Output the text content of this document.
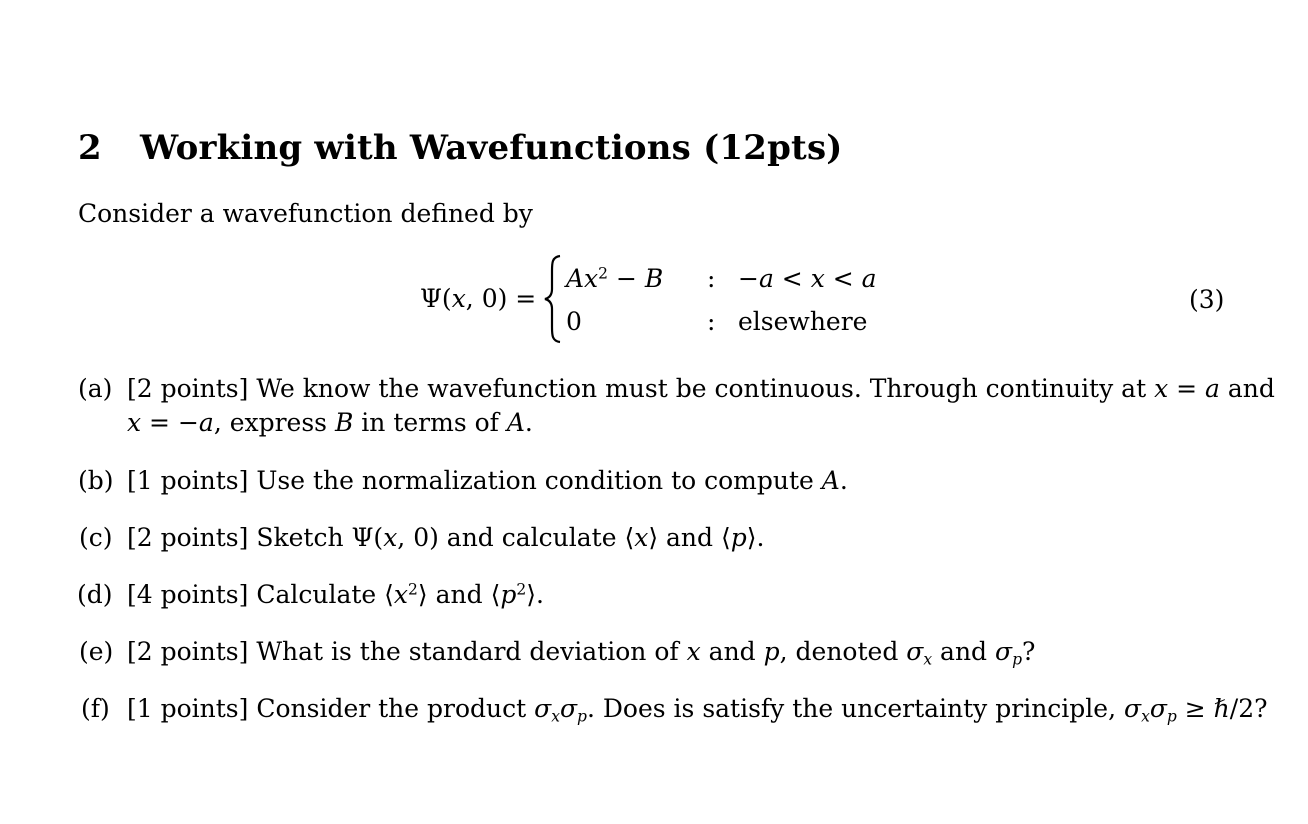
2 Working with Wavefunctions (12pts)
Consider a wavefunction defined by
Ψ(x, 0) =
$Ax^2 - B$ : −a < x < a
0	: elsewhere
(3)
(a) [2 points] We know the wavefunction must be continuous. Through continuity at x = a and
x = −a, express B in terms of A.
(b) [1 points] Use the normalization condition to compute A.
(c) [2 points] Sketch Ψ(x, 0) and calculate ⟨x⟩ and ⟨p⟩.
(d) [4 points] Calculate $⟨x^2⟩$ and $⟨p^2⟩$.
(e) [2 points] What is the standard deviation of x and p, denoted $\sigma_x$ and $\sigma_p$?
(f) [1 points] Consider the product $\sigma_x\sigma_p$. Does is satisfy the uncertainty principle, $\sigma_x\sigma_p$ ≥ ℏ/2?
